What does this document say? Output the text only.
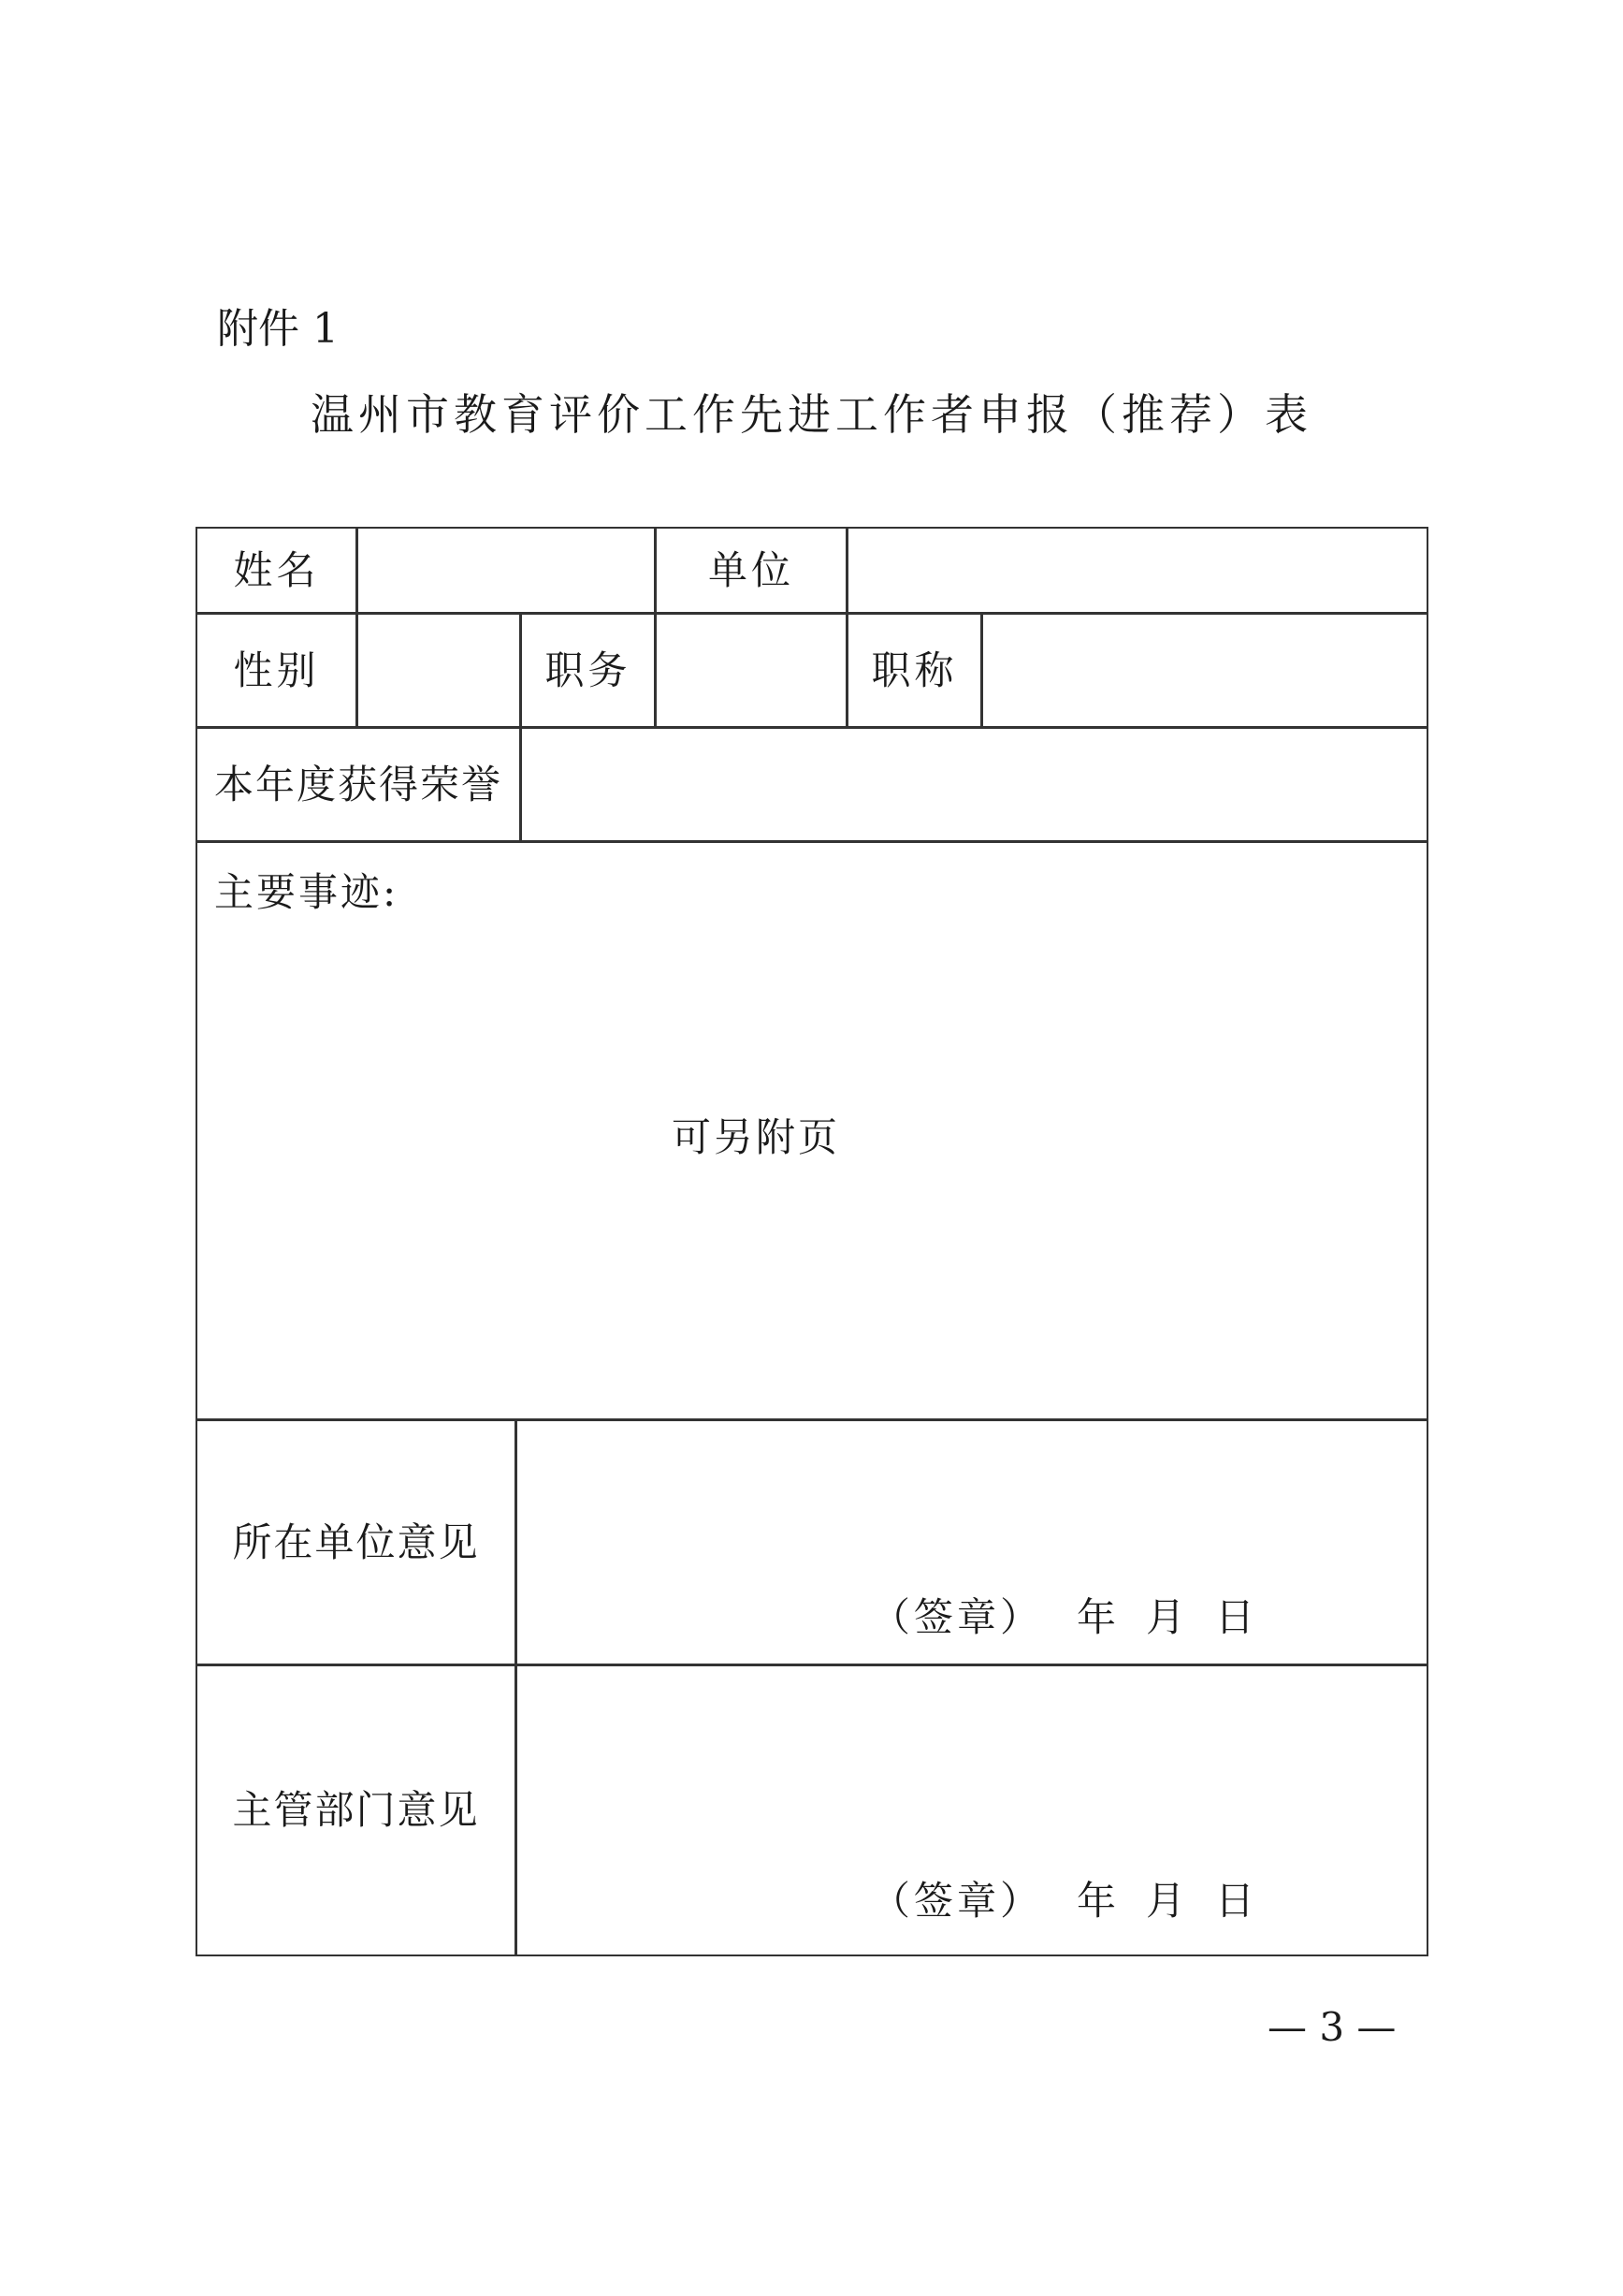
附件 1
温州市教育评价工作先进工作者申报（推荐）表
姓名	单位
性别	职务	职称
本年度获得荣誉
主要事迹:
可另附页
所在单位意见
（签章） 年 月 日
主管部门意见
（签章） 年 月 日
— 3 —
